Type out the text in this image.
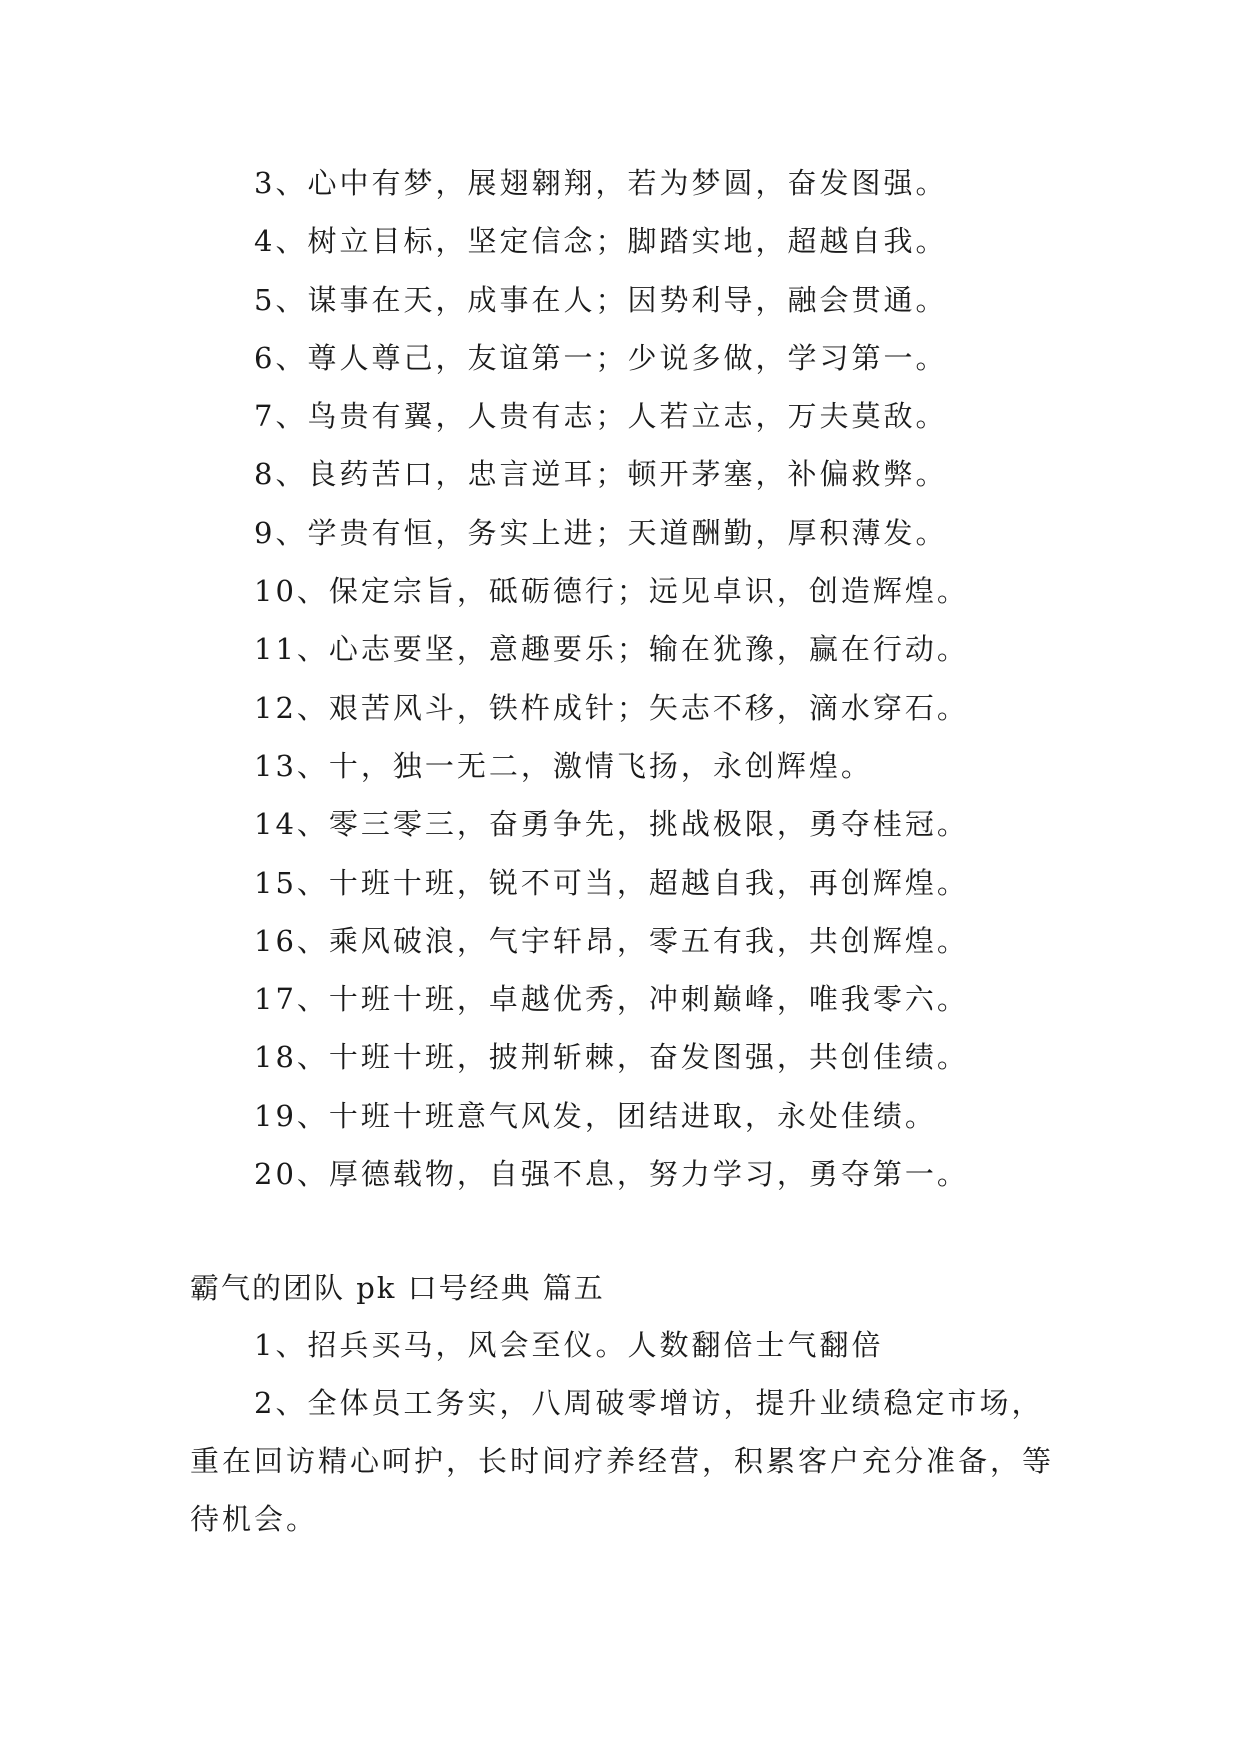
3、心中有梦，展翅翱翔，若为梦圆，奋发图强。
4、树立目标，坚定信念；脚踏实地，超越自我。
5、谋事在天，成事在人；因势利导，融会贯通。
6、尊人尊己，友谊第一；少说多做，学习第一。
7、鸟贵有翼，人贵有志；人若立志，万夫莫敌。
8、良药苦口，忠言逆耳；顿开茅塞，补偏救弊。
9、学贵有恒，务实上进；天道酬勤，厚积薄发。
10、保定宗旨，砥砺德行；远见卓识，创造辉煌。
11、心志要坚，意趣要乐；输在犹豫，赢在行动。
12、艰苦风斗，铁杵成针；矢志不移，滴水穿石。
13、十，独一无二，激情飞扬，永创辉煌。
14、零三零三，奋勇争先，挑战极限，勇夺桂冠。
15、十班十班，锐不可当，超越自我，再创辉煌。
16、乘风破浪，气宇轩昂，零五有我，共创辉煌。
17、十班十班，卓越优秀，冲刺巅峰，唯我零六。
18、十班十班，披荆斩棘，奋发图强，共创佳绩。
19、十班十班意气风发，团结进取，永处佳绩。
20、厚德载物，自强不息，努力学习，勇夺第一。
霸气的团队 pk 口号经典 篇五

1、招兵买马，风会至仪。人数翻倍士气翻倍

2、全体员工务实，八周破零增访，提升业绩稳定市场，重在回访精心呵护，长时间疗养经营，积累客户充分准备，等待机会。
